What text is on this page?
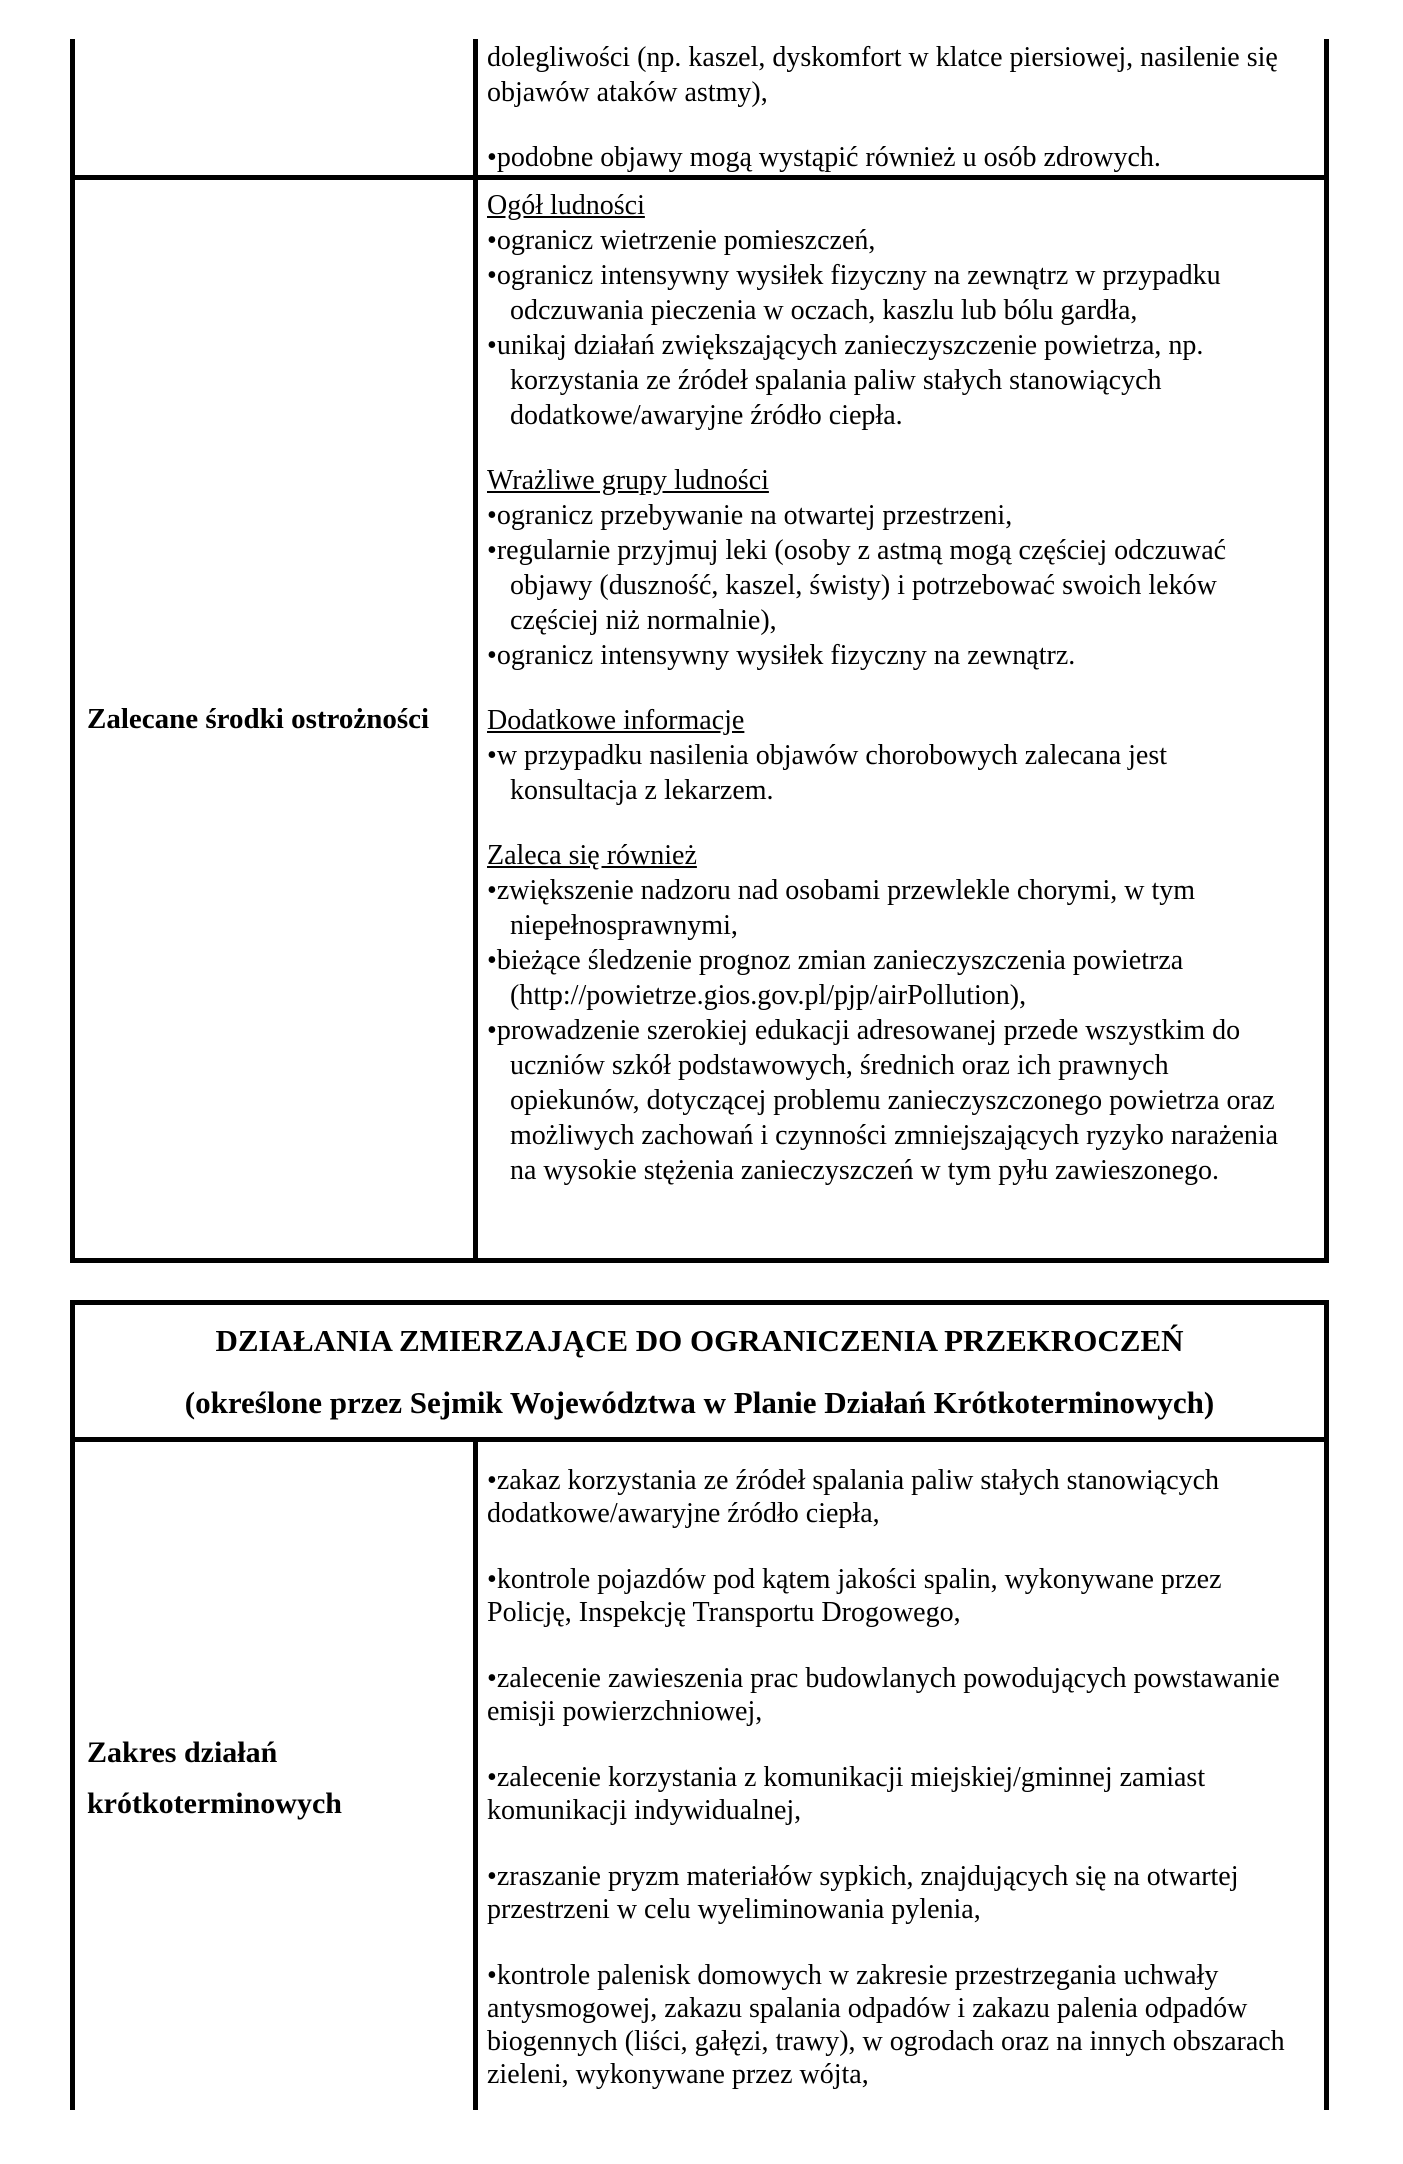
dolegliwości (np. kaszel, dyskomfort w klatce piersiowej, nasilenie się objawów ataków astmy),

• podobne objawy mogą wystąpić również u osób zdrowych.
Zalecane środki ostrożności
Ogół ludności
• ogranicz wietrzenie pomieszczeń,
• ogranicz intensywny wysiłek fizyczny na zewnątrz w przypadku odczuwania pieczenia w oczach, kaszlu lub bólu gardła,
• unikaj działań zwiększających zanieczyszczenie powietrza, np. korzystania ze źródeł spalania paliw stałych stanowiących dodatkowe/awaryjne źródło ciepła.
Wrażliwe grupy ludności
• ogranicz przebywanie na otwartej przestrzeni,
• regularnie przyjmuj leki (osoby z astmą mogą częściej odczuwać objawy (duszność, kaszel, świsty) i potrzebować swoich leków częściej niż normalnie),
• ogranicz intensywny wysiłek fizyczny na zewnątrz.
Dodatkowe informacje
• w przypadku nasilenia objawów chorobowych zalecana jest konsultacja z lekarzem.
Zaleca się również
• zwiększenie nadzoru nad osobami przewlekle chorymi, w tym niepełnosprawnymi,
• bieżące śledzenie prognoz zmian zanieczyszczenia powietrza (http://powietrze.gios.gov.pl/pjp/airPollution),
• prowadzenie szerokiej edukacji adresowanej przede wszystkim do uczniów szkół podstawowych, średnich oraz ich prawnych opiekunów, dotyczącej problemu zanieczyszczonego powietrza oraz możliwych zachowań i czynności zmniejszających ryzyko narażenia na wysokie stężenia zanieczyszczeń w tym pyłu zawieszonego.
DZIAŁANIA ZMIERZAJĄCE DO OGRANICZENIA PRZEKROCZEŃ
(określone przez Sejmik Województwa w Planie Działań Krótkoterminowych)
Zakres działań
krótkoterminowych

• zakaz korzystania ze źródeł spalania paliw stałych stanowiących dodatkowe/awaryjne źródło ciepła,

• kontrole pojazdów pod kątem jakości spalin, wykonywane przez Policję, Inspekcję Transportu Drogowego,

• zalecenie zawieszenia prac budowlanych powodujących powstawanie emisji powierzchniowej,

• zalecenie korzystania z komunikacji miejskiej/gminnej zamiast komunikacji indywidualnej,

• zraszanie pryzm materiałów sypkich, znajdujących się na otwartej przestrzeni w celu wyeliminowania pylenia,

• kontrole palenisk domowych w zakresie przestrzegania uchwały antysmogowej, zakazu spalania odpadów i zakazu palenia odpadów biogennych (liści, gałęzi, trawy), w ogrodach oraz na innych obszarach zieleni, wykonywane przez wójta,
